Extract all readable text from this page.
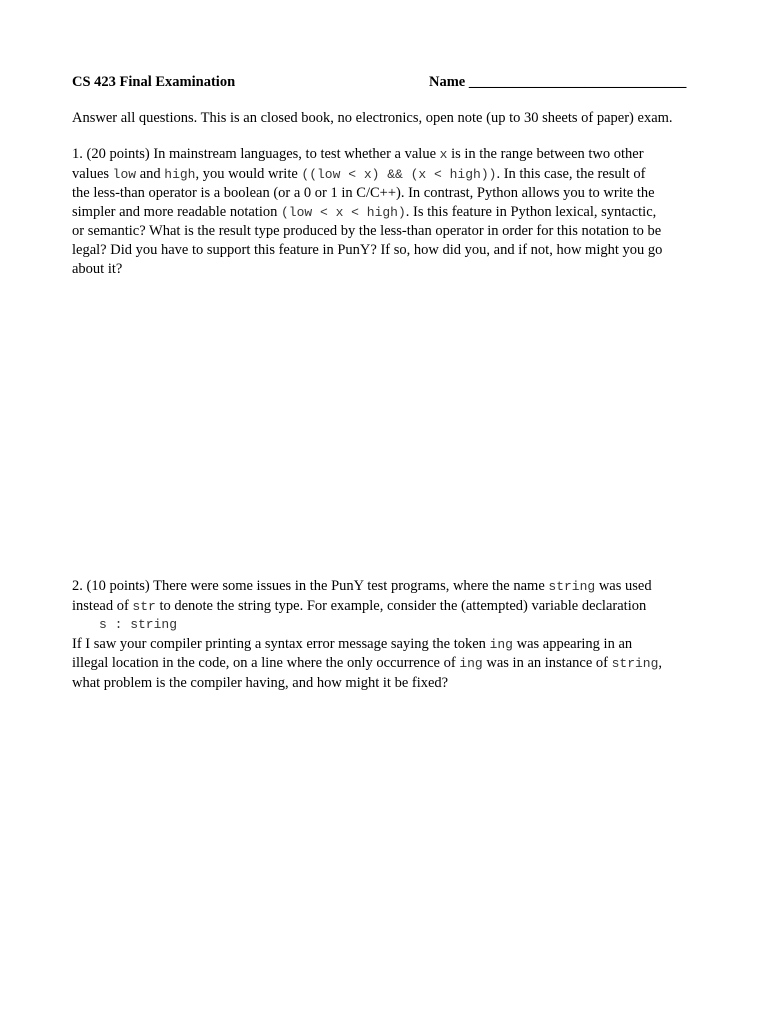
CS 423 Final Examination	Name ______________________________
Answer all questions. This is an closed book, no electronics, open note (up to 30 sheets of paper) exam.
1. (20 points) In mainstream languages, to test whether a value x is in the range between two other
values low and high, you would write ((low < x) && (x < high)). In this case, the result of
the less-than operator is a boolean (or a 0 or 1 in C/C++). In contrast, Python allows you to write the
simpler and more readable notation (low < x < high). Is this feature in Python lexical, syntactic,
or semantic? What is the result type produced by the less-than operator in order for this notation to be
legal? Did you have to support this feature in PunY? If so, how did you, and if not, how might you go
about it?
2. (10 points) There were some issues in the PunY test programs, where the name string was used
instead of str to denote the string type. For example, consider the (attempted) variable declaration
s : string
If I saw your compiler printing a syntax error message saying the token ing was appearing in an
illegal location in the code, on a line where the only occurrence of ing was in an instance of string,
what problem is the compiler having, and how might it be fixed?
